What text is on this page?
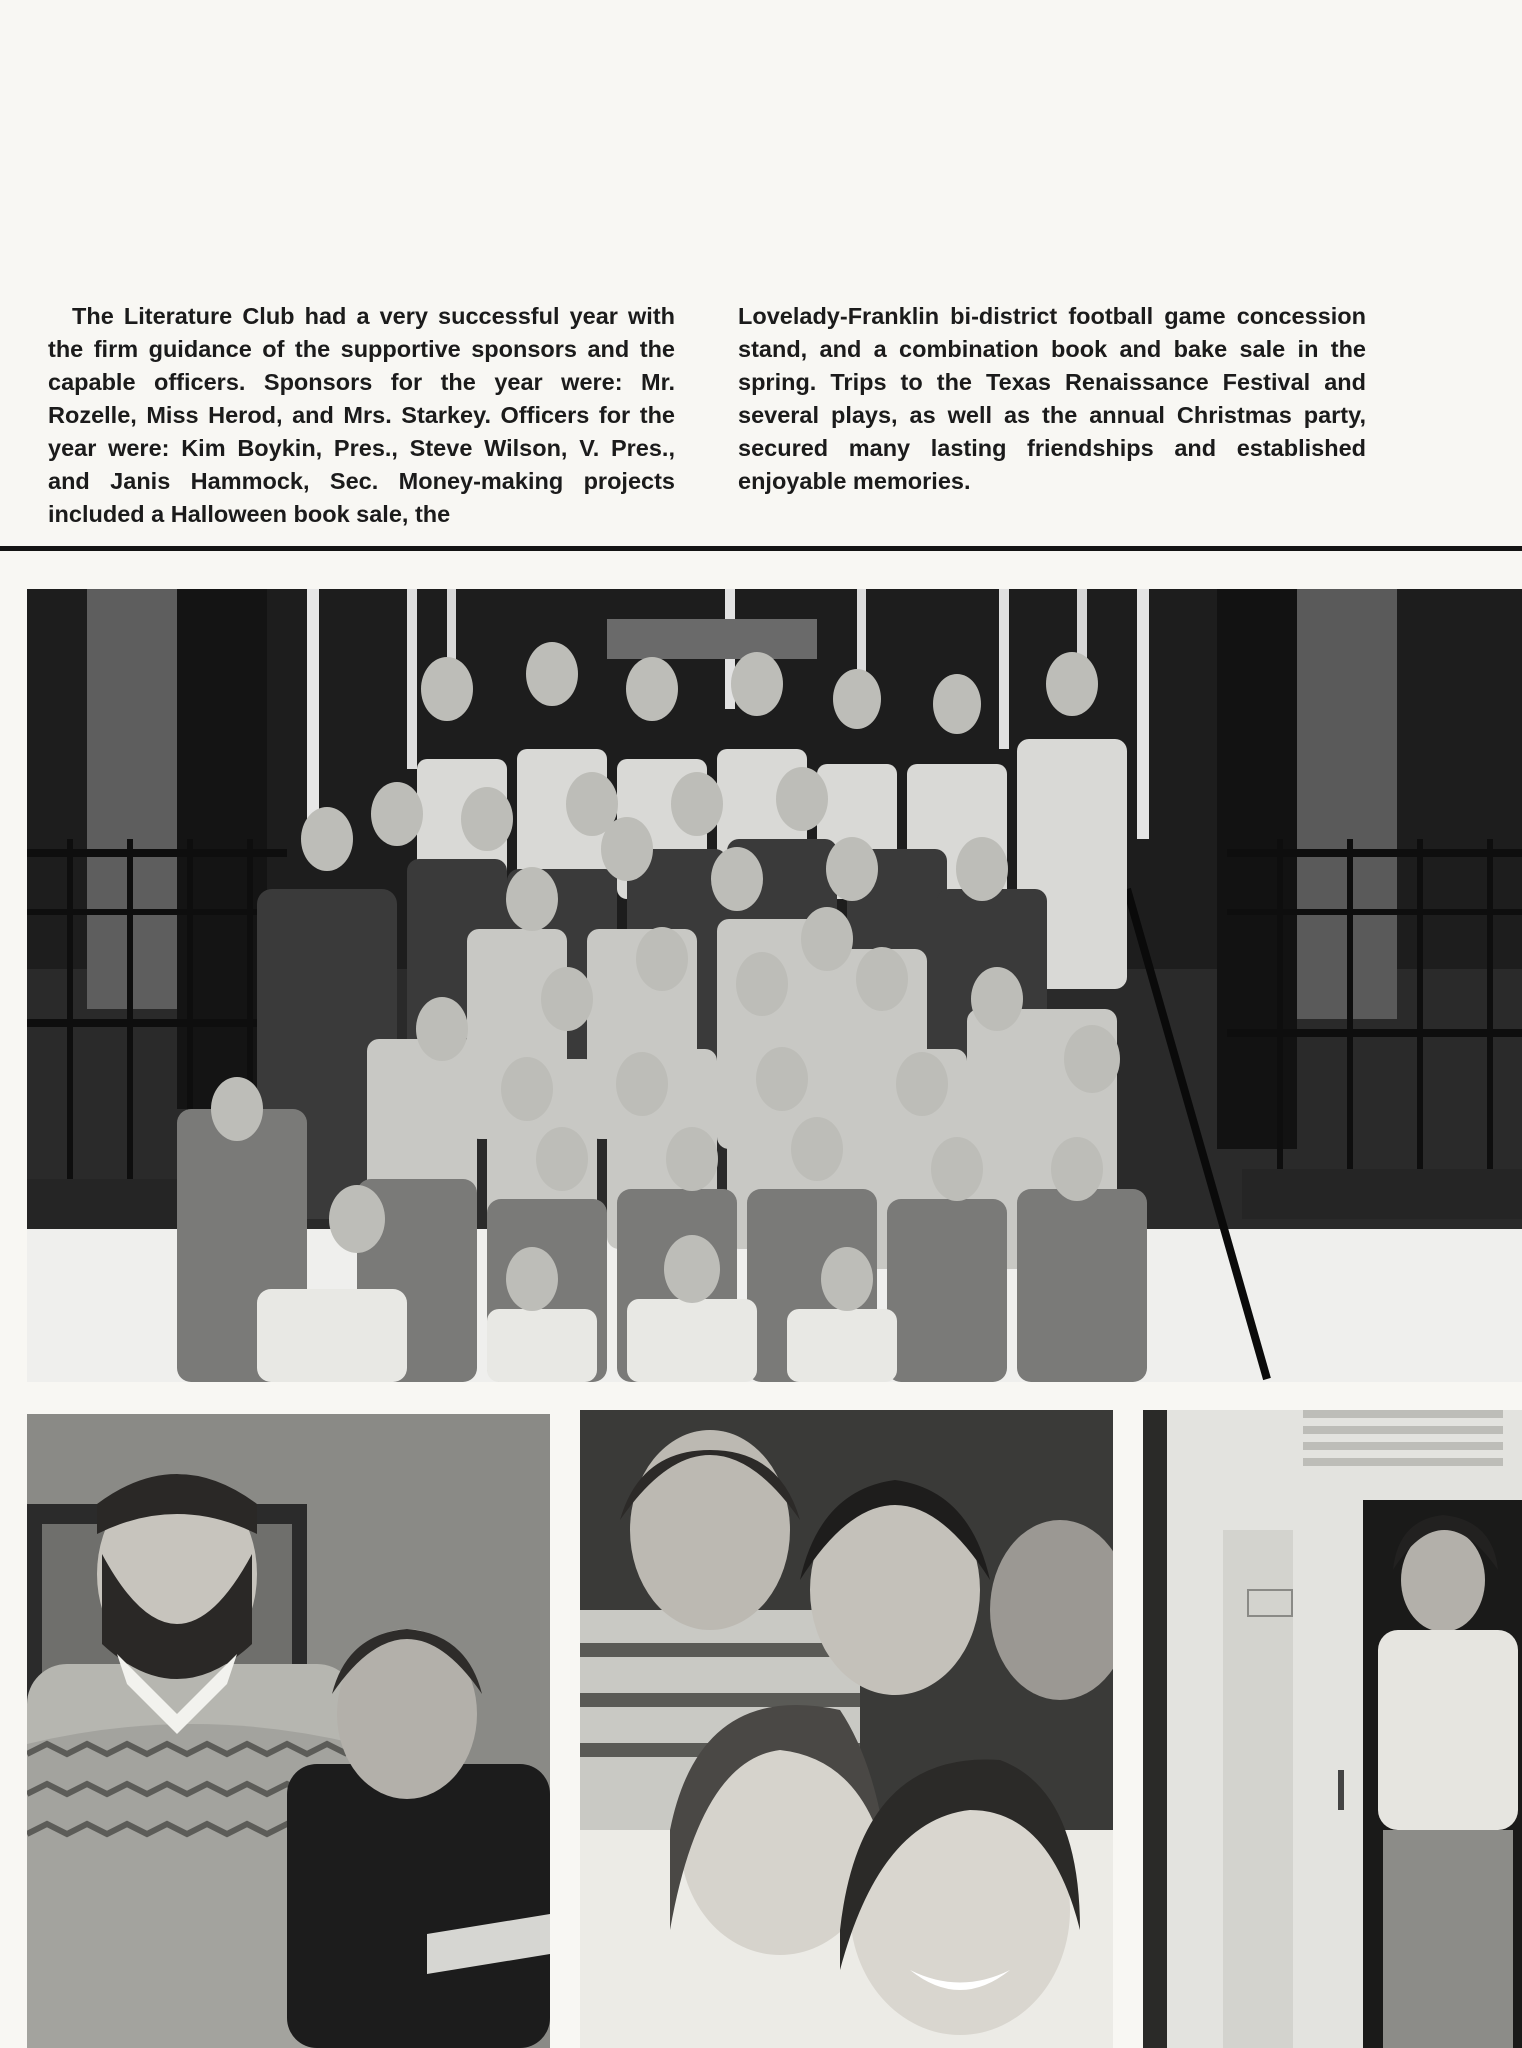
The Literature Club had a very successful year with the firm guidance of the supportive sponsors and the capable officers. Sponsors for the year were: Mr. Rozelle, Miss Herod, and Mrs. Starkey. Officers for the year were: Kim Boykin, Pres., Steve Wilson, V. Pres., and Janis Hammock, Sec. Money-making projects included a Halloween book sale, the

Lovelady-Franklin bi-district football game concession stand, and a combination book and bake sale in the spring. Trips to the Texas Renaissance Festival and several plays, as well as the annual Christmas party, secured many lasting friendships and established enjoyable memories.
